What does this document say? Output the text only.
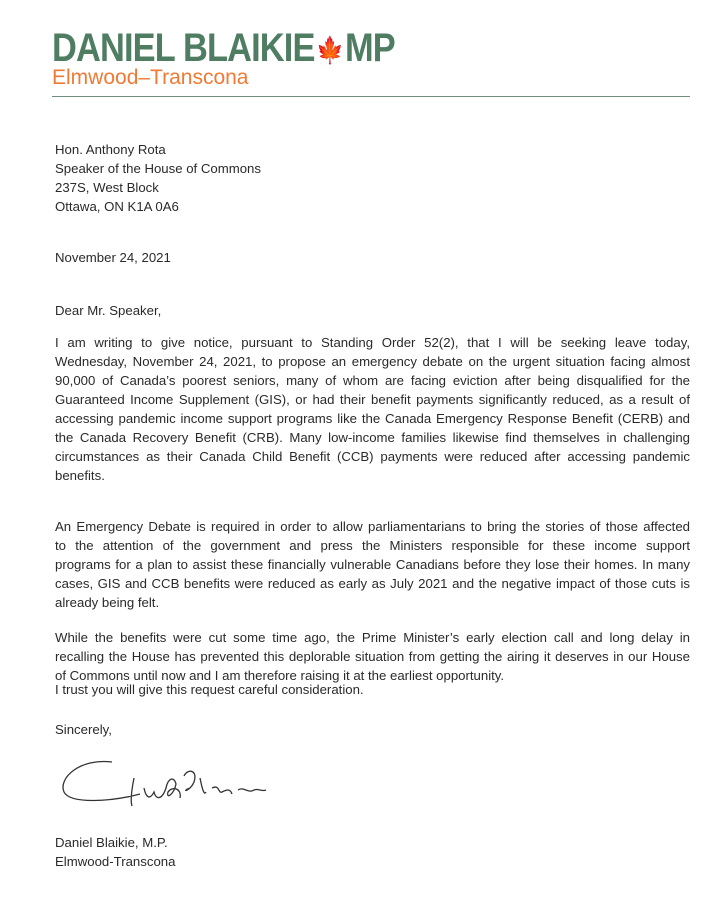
DANIEL BLAIKIE🍁MP
Elmwood–Transcona
Hon. Anthony Rota
Speaker of the House of Commons
237S, West Block
Ottawa, ON K1A 0A6
November 24, 2021
Dear Mr. Speaker,
I am writing to give notice, pursuant to Standing Order 52(2), that I will be seeking leave today,
Wednesday, November 24, 2021, to propose an emergency debate on the urgent situation facing almost
90,000 of Canada’s poorest seniors, many of whom are facing eviction after being disqualified for the
Guaranteed Income Supplement (GIS), or had their benefit payments significantly reduced, as a result of
accessing pandemic income support programs like the Canada Emergency Response Benefit (CERB) and
the Canada Recovery Benefit (CRB). Many low-income families likewise find themselves in challenging
circumstances as their Canada Child Benefit (CCB) payments were reduced after accessing pandemic
benefits.
An Emergency Debate is required in order to allow parliamentarians to bring the stories of those affected
to the attention of the government and press the Ministers responsible for these income support
programs for a plan to assist these financially vulnerable Canadians before they lose their homes. In many
cases, GIS and CCB benefits were reduced as early as July 2021 and the negative impact of those cuts is
already being felt.
While the benefits were cut some time ago, the Prime Minister’s early election call and long delay in
recalling the House has prevented this deplorable situation from getting the airing it deserves in our House
of Commons until now and I am therefore raising it at the earliest opportunity.
I trust you will give this request careful consideration.
Sincerely,
Daniel Blaikie, M.P.
Elmwood-Transcona
